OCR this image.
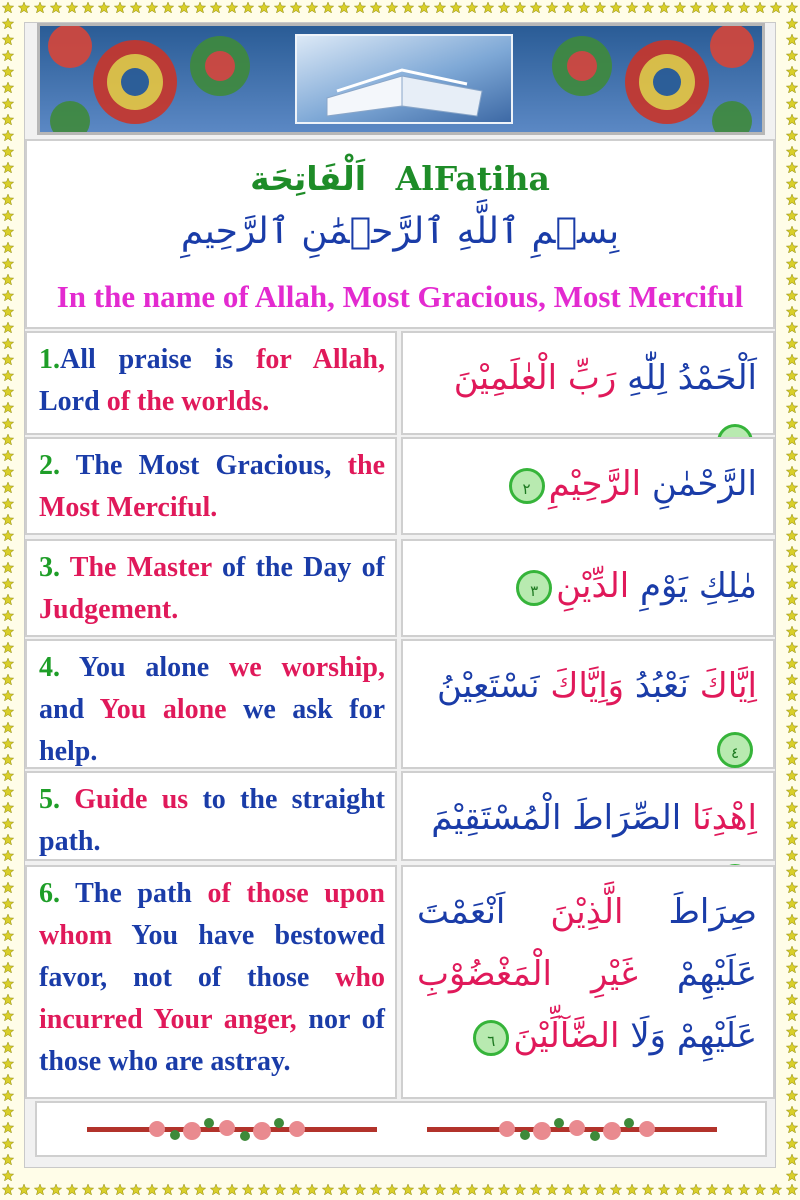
اَلْفَاتِحَة AlFatiha
بِسۡمِ ٱللَّهِ ٱلرَّحۡمَٰنِ ٱلرَّحِيمِ
In the name of Allah, Most Gracious, Most Merciful
1.All praise is for Allah, Lord of the worlds.
اَلْحَمْدُ لِلّٰهِ رَبِّ الْعٰلَمِيْنَ
2. The Most Gracious, the Most Merciful.
الرَّحْمٰنِ الرَّحِيْمِ٢
3. The Master of the Day of Judgement.
مٰلِكِ يَوْمِ الدِّيْنِ٣
4. You alone we worship, and You alone we ask for help.
اِيَّاكَ نَعْبُدُ وَاِيَّاكَ نَسْتَعِيْنُ٤
5. Guide us to the straight path.
اِهْدِنَا الصِّرَاطَ الْمُسْتَقِيْمَ
6. The path of those upon whom You have bestowed favor, not of those who incurred Your anger, nor of those who are astray.
صِرَاطَ الَّذِيْنَ اَنْعَمْتَ عَلَيْهِمْ غَيْرِ الْمَغْضُوْبِ عَلَيْهِمْ وَلَا الضَّآلِّيْنَ٦
